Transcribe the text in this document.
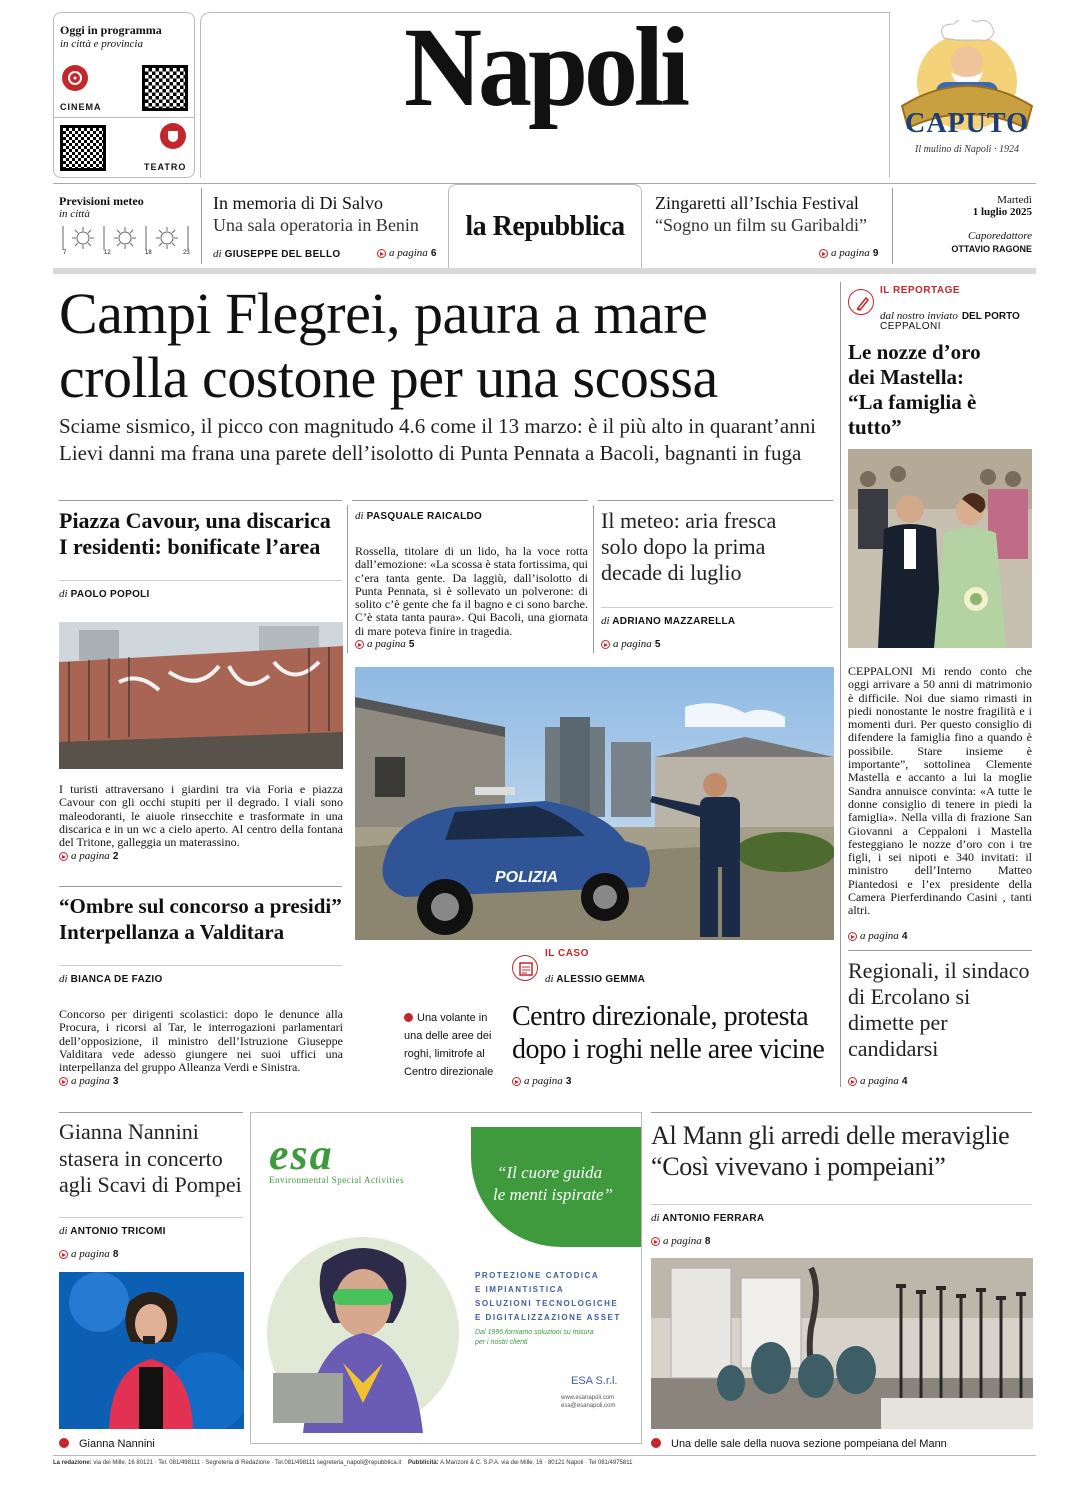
Oggi in programma
in città e provincia
CINEMA
TEATRO
Napoli	CAPUTO
Il mulino di Napoli · 1924
Previsioni meteo
in città
7	12	18	23
In memoria di Di Salvo
Una sala operatoria in Benin
di GIUSEPPE DEL BELLO	a pagina 6
la Repubblica
Zingaretti all’Ischia Festival
“Sogno un film su Garibaldi”
a pagina 9
Martedì
1 luglio 2025
Caporedattore
OTTAVIO RAGONE
Campi Flegrei, paura a mare
crolla costone per una scossa
Sciame sismico, il picco con magnitudo 4.6 come il 13 marzo: è il più alto in quarant’anni
Lievi danni ma frana una parete dell’isolotto di Punta Pennata a Bacoli, bagnanti in fuga
Piazza Cavour, una discarica
I residenti: bonificate l’area
di PAOLO POPOLI
I turisti attraversano i giardini tra via Foria e piazza Cavour con gli occhi stupiti per il degrado. I viali sono maleodoranti, le aiuole rinsecchite e trasformate in una discarica e in un wc a cielo aperto. Al centro della fontana del Tritone, galleggia un materassino.
a pagina 2
di PASQUALE RAICALDO
Rossella, titolare di un lido, ha la voce rotta dall’emozione: «La scossa è stata fortissima, qui c’era tanta gente. Da laggiù, dall’isolotto di Punta Pennata, si è sollevato un polverone: di solito c’è gente che fa il bagno e ci sono barche. C’è stata tanta paura». Qui Bacoli, una giornata di mare poteva finire in tragedia.
a pagina 5
Il meteo: aria fresca solo dopo la prima decade di luglio
di ADRIANO MAZZARELLA
a pagina 5
POLIZIA
IL REPORTAGE
dal nostro inviato DEL PORTO
CEPPALONI
Le nozze d’oro
dei Mastella:
“La famiglia è tutto”
CEPPALONI Mi rendo conto che oggi arrivare a 50 anni di matrimonio è difficile. Noi due siamo rimasti in piedi nonostante le nostre fragilità e i momenti duri. Per questo consiglio di difendere la famiglia fino a quando è possibile. Stare insieme è importante”, sottolinea Clemente Mastella e accanto a lui la moglie Sandra annuisce convinta: «A tutte le donne consiglio di tenere in piedi la famiglia». Nella villa di frazione San Giovanni a Ceppaloni i Mastella festeggiano le nozze d’oro con i tre figli, i sei nipoti e 340 invitati: il ministro dell’Interno Matteo Piantedosi e l’ex presidente della Camera Pierferdinando Casini , tanti altri.
a pagina 4
Regionali, il sindaco di Ercolano si dimette per candidarsi
a pagina 4
“Ombre sul concorso a presidi”
Interpellanza a Valditara
di BIANCA DE FAZIO
Concorso per dirigenti scolastici: dopo le denunce alla Procura, i ricorsi al Tar, le interrogazioni parlamentari dell’opposizione, il ministro dell’Istruzione Giuseppe Valditara vede adesso giungere nei suoi uffici una interpellanza del gruppo Alleanza Verdi e Sinistra.
a pagina 3
Una volante in una delle aree dei roghi, limitrofe al Centro direzionale
IL CASO
di ALESSIO GEMMA
Centro direzionale, protesta
dopo i roghi nelle aree vicine
a pagina 3
Gianna Nannini stasera in concerto agli Scavi di Pompei
di ANTONIO TRICOMI
a pagina 8
Gianna Nannini
esa
Environmental Special Activities	“Il cuore guida
le menti ispirate”
PROTEZIONE CATODICA
E IMPIANTISTICA
SOLUZIONI TECNOLOGICHE
E DIGITALIZZAZIONE ASSET
Dal 1996 forniamo soluzioni su misura
per i nostri clienti
ESA S.r.l.
www.esanapoli.com
esa@esanapoli.com
Al Mann gli arredi delle meraviglie
“Così vivevano i pompeiani”
di ANTONIO FERRARA
a pagina 8
Una delle sale della nuova sezione pompeiana del Mann
La redazione: via dei Mille, 16 80121 · Tel. 081/498111 · Segreteria di Redazione · Tel.081/498111 segreteria_napoli@repubblica.it Pubblicità: A.Manzoni & C. S.P.A. via dei Mille, 16 · 80121 Napoli · Tel 081/4975811
